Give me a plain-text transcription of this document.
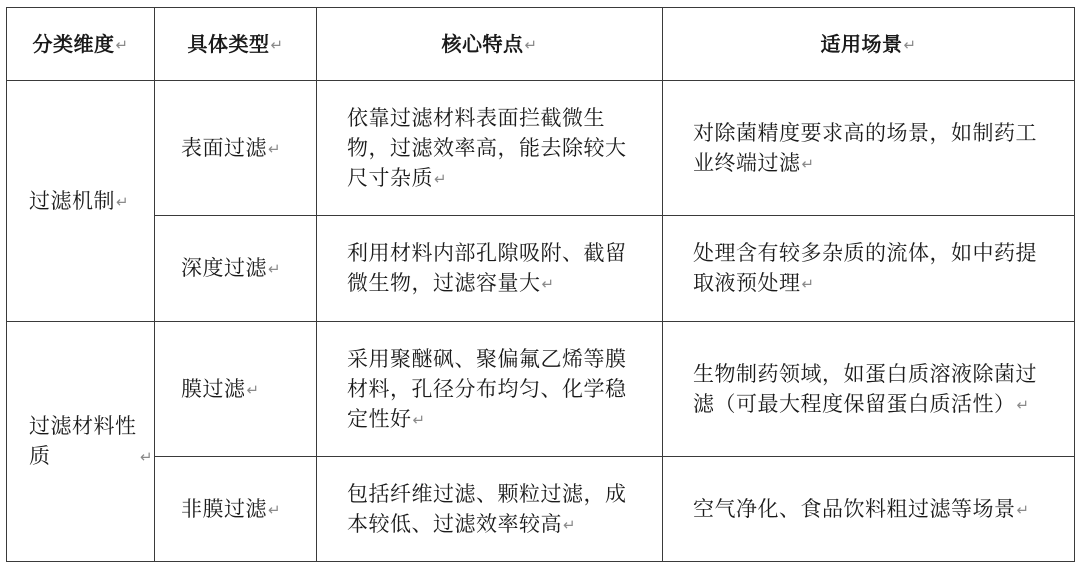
分类维度↵	具体类型↵	核心特点↵	适用场景↵
过滤机制↵	表面过滤↵	依靠过滤材料表面拦截微生物，过滤效率高，能去除较大尺寸杂质↵	对除菌精度要求高的场景，如制药工业终端过滤↵
	深度过滤↵	利用材料内部孔隙吸附、截留微生物，过滤容量大↵	处理含有较多杂质的流体，如中药提取液预处理↵
过滤材料性质 ↵	膜过滤↵	采用聚醚砜、聚偏氟乙烯等膜材料，孔径分布均匀、化学稳定性好↵	生物制药领域，如蛋白质溶液除菌过滤（可最大程度保留蛋白质活性）↵
	非膜过滤↵	包括纤维过滤、颗粒过滤，成本较低、过滤效率较高↵	空气净化、食品饮料粗过滤等场景↵
